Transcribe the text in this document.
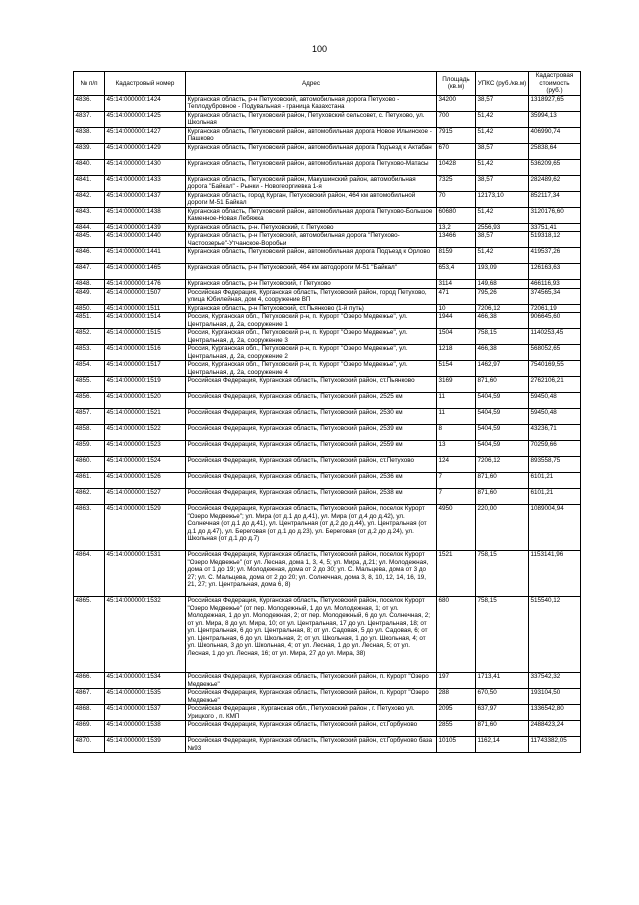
100
№ п/п	Кадастровый номер	Адрес	Площадь (кв.м)	УПКС (руб./кв.м)	Кадастровая стоимость (руб.)
4836.	45:14:000000:1424	Курганская область, р-н Петуховский, автомобильная дорога Петухово - Теплодубровное - Подувальная - граница Казахстана	34200	38,57	1318927,65
4837.	45:14:000000:1425	Курганская область, Петуховский район, Петуховский сельсовет, с. Петухово, ул. Школьная	700	51,42	35994,13
4838.	45:14:000000:1427	Курганская область, Петуховский район, автомобильная дорога Новое Ильинское - Пашково	7915	51,42	406990,74
4839.	45:14:000000:1429	Курганская область, Петуховский район, автомобильная дорога Подъезд к Актабан	670	38,57	25838,64
4840.	45:14:000000:1430	Курганская область, Петуховский район, автомобильная дорога Петухово-Матасы	10428	51,42	536209,65
4841.	45:14:000000:1433	Курганская область, Петуховский район, Макушинский район, автомобильная дорога "Байкал" - Рынки - Новогеоргиевка 1-я	7325	38,57	282489,62
4842.	45:14:000000:1437	Курганская область, город Курган, Петуховский район, 464 км автомобильной дороги М-51 Байкал	70	12173,10	852117,34
4843.	45:14:000000:1438	Курганская область, Петуховский район, автомобильная дорога Петухово-Большое Каменное-Новая Лебяжка	60680	51,42	3120176,60
4844.	45:14:000000:1439	Курганская область, р-н. Петуховский, г. Петухово	13,2	2556,93	33751,41
4845.	45:14:000000:1440	Курганская область, р-н Петуховский, автомобильная дорога "Петухово-Частоозерье"-Утчанское-Воробьи	13466	38,57	519318,12
4846.	45:14:000000:1441	Курганская область, Петуховский район, автомобильная дорога Подъезд к Орлово	8159	51,42	419537,26
4847.	45:14:000000:1465	Курганская область, р-н Петуховский, 464 км автодороги М-51 "Байкал"	653,4	193,09	126163,63
4848.	45:14:000000:1476	Курганская область, р-н Петуховский, г Петухово	3114	149,68	466116,93
4849.	45:14:000000:1507	Российская Федерация, Курганская область, Петуховский район, город Петухово, улица Юбилейная, дом 4, сооружение ВП	471	795,26	374565,34
4850.	45:14:000000:1511	Курганская область, р-н Петуховский, ст.Пьянково (1-й путь)	10	7206,12	72061,19
4851.	45:14:000000:1514	Россия, Курганская обл., Петуховский р-н, п. Курорт "Озеро Медвежье", ул. Центральная, д. 2а, сооружение 1	1944	466,38	906645,60
4852.	45:14:000000:1515	Россия, Курганская обл., Петуховский р-н, п. Курорт "Озеро Медвежье", ул. Центральная, д. 2а, сооружение 3	1504	758,15	1140253,45
4853.	45:14:000000:1516	Россия, Курганская обл., Петуховский р-н, п. Курорт "Озеро Медвежье", ул. Центральная, д. 2а, сооружение 2	1218	466,38	568052,65
4854.	45:14:000000:1517	Россия, Курганская обл., Петуховский р-н, п. Курорт "Озеро Медвежье", ул. Центральная, д. 2а, сооружение 4	5154	1462,97	7540169,55
4855.	45:14:000000:1519	Российская Федерация, Курганская область, Петуховский район, ст.Пьянково	3169	871,60	2762106,21
4856.	45:14:000000:1520	Российская Федерация, Курганская область, Петуховский район, 2525 км	11	5404,59	59450,48
4857.	45:14:000000:1521	Российская Федерация, Курганская область, Петуховский район, 2530 км	11	5404,59	59450,48
4858.	45:14:000000:1522	Российская Федерация, Курганская область, Петуховский район, 2539 км	8	5404,59	43236,71
4859.	45:14:000000:1523	Российская Федерация, Курганская область, Петуховский район, 2559 км	13	5404,59	70259,66
4860.	45:14:000000:1524	Российская Федерация, Курганская область, Петуховский район, ст.Петухово	124	7206,12	893558,75
4861.	45:14:000000:1526	Российская Федерация, Курганская область, Петуховский район, 2536 км	7	871,60	6101,21
4862.	45:14:000000:1527	Российская Федерация, Курганская область, Петуховский район, 2538 км	7	871,60	6101,21
4863.	45:14:000000:1529	Российская Федерация, Курганская область, Петуховский район, поселок Курорт "Озеро Медвежье"; ул. Мира (от д.1 до д.41), ул. Мира (от д.4 до д.42), ул. Солнечная (от д.1 до д.41), ул. Центральная (от д.2 до д.44), ул. Центральная (от д.1 до д.47), ул. Береговая (от д.1 до д.23), ул. Береговая (от д.2 до д.24), ул. Школьная (от д.1 до д.7)	4950	220,00	1089004,94
4864.	45:14:000000:1531	Российская Федерация, Курганская область, Петуховский район, поселок Курорт "Озеро Медвежье" (от ул. Лесная, дома 1, 3, 4, 5; ул. Мира, д.21; ул. Молодежная, дома от 1 до 19; ул. Молодежная, дома от 2 до 30; ул. С. Мальцева, дома от 3 до 27; ул. С. Мальцева, дома от 2 до 20; ул. Солнечная, дома 3, 8, 10, 12, 14, 16, 19, 21, 27; ул. Центральная, дома 6, 8)	1521	758,15	1153141,96
4865.	45:14:000000:1532	Российская Федерация, Курганская область, Петуховский район, поселок Курорт "Озеро Медвежье" (от пер. Молодежный, 1 до ул. Молодежная, 1; от ул. Молодежная, 1 до ул. Молодежная, 2; от пер. Молодежный, 6 до ул. Солнечная, 2; от ул. Мира, 8 до ул. Мира, 10; от ул. Центральная, 17 до ул. Центральная, 18; от ул. Центральная, 6 до ул. Центральная, 8; от ул. Садовая, 5 до ул. Садовая, 6; от ул. Центральная, 6 до ул. Школьная, 2; от ул. Школьная, 1 до ул. Школьная, 4; от ул. Школьная, 3 до ул. Школьная, 4; от ул. Лесная, 1 до ул. Лесная, 5; от ул. Лесная, 1 до ул. Лесная, 16; от ул. Мира, 27 до ул. Мира, 38)	680	758,15	515540,12
4866.	45:14:000000:1534	Российская Федерация, Курганская область, Петуховский район, п. Курорт "Озеро Медвежье"	197	1713,41	337542,32
4867.	45:14:000000:1535	Российская Федерация, Курганская область, Петуховский район, п. Курорт "Озеро Медвежье"	288	670,50	193104,50
4868.	45:14:000000:1537	Российская Федерация , Курганская обл., Петуховский район , г. Петухово ул. Урицкого , п. КМП	2095	637,97	1336542,80
4869.	45:14:000000:1538	Российская Федерация, Курганская область, Петуховский район, ст.Горбуново	2855	871,60	2488423,24
4870.	45:14:000000:1539	Российская Федерация, Курганская область, Петуховский район, ст.Горбуново база №93	10105	1162,14	11743382,05
